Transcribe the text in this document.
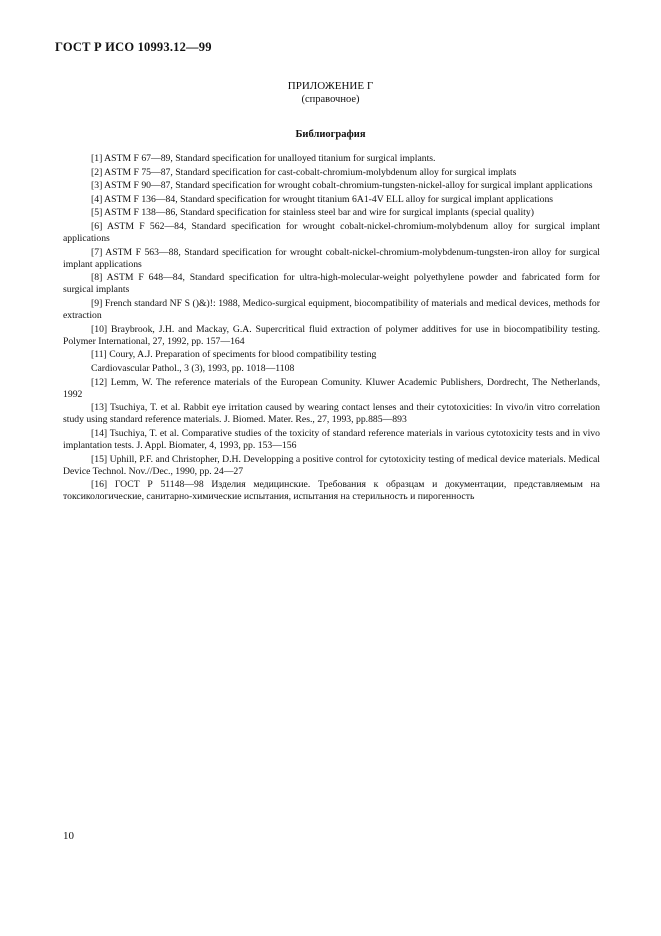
ГОСТ Р ИСО 10993.12—99
ПРИЛОЖЕНИЕ Г
(справочное)
Библиография

[1] ASTM F 67—89, Standard specification for unalloyed titanium for surgical implants.

[2] ASTM F 75—87, Standard specification for cast-cobalt-chromium-molybdenum alloy for surgical implats

[3] ASTM F 90—87, Standard specification for wrought cobalt-chromium-tungsten-nickel-alloy for surgical implant applications

[4] ASTM F 136—84, Standard specification for wrought titanium 6A1-4V ELL alloy for surgical implant applications

[5] ASTM F 138—86, Standard specification for stainless steel bar and wire for surgical implants (special quality)

[6] ASTM F 562—84, Standard specification for wrought cobalt-nickel-chromium-molybdenum alloy for surgical implant applications

[7] ASTM F 563—88, Standard specification for wrought cobalt-nickel-chromium-molybdenum-tungsten-iron alloy for surgical implant applications

[8] ASTM F 648—84, Standard specification for ultra-high-molecular-weight polyethylene powder and fabricated form for surgical implants

[9] French standard NF S ()&)!: 1988, Medico-surgical equipment, biocompatibility of materials and medical devices, methods for extraction

[10] Braybrook, J.H. and Mackay, G.A. Supercritical fluid extraction of polymer additives for use in biocompatibility testing. Polymer International, 27, 1992, pp. 157—164

[11] Coury, A.J. Preparation of speciments for blood compatibility testing

Cardiovascular Pathol., 3 (3), 1993, pp. 1018—1108

[12] Lemm, W. The reference materials of the European Comunity. Kluwer Academic Publishers, Dordrecht, The Netherlands, 1992

[13] Tsuchiya, T. et al. Rabbit eye irritation caused by wearing contact lenses and their cytotoxicities: In vivo/in vitro correlation study using standard reference materials. J. Biomed. Mater. Res., 27, 1993, pp.885—893

[14] Tsuchiya, T. et al. Comparative studies of the toxicity of standard reference materials in various cytotoxicity tests and in vivo implantation tests. J. Appl. Biomater, 4, 1993, pp. 153—156

[15] Uphill, P.F. and Christopher, D.H. Developping a positive control for cytotoxicity testing of medical device materials. Medical Device Technol. Nov.//Dec., 1990, pp. 24—27

[16] ГОСТ Р 51148—98 Изделия медицинские. Требования к образцам и документации, представляемым на токсикологические, санитарно-химические испытания, испытания на стерильность и пирогенность

10
